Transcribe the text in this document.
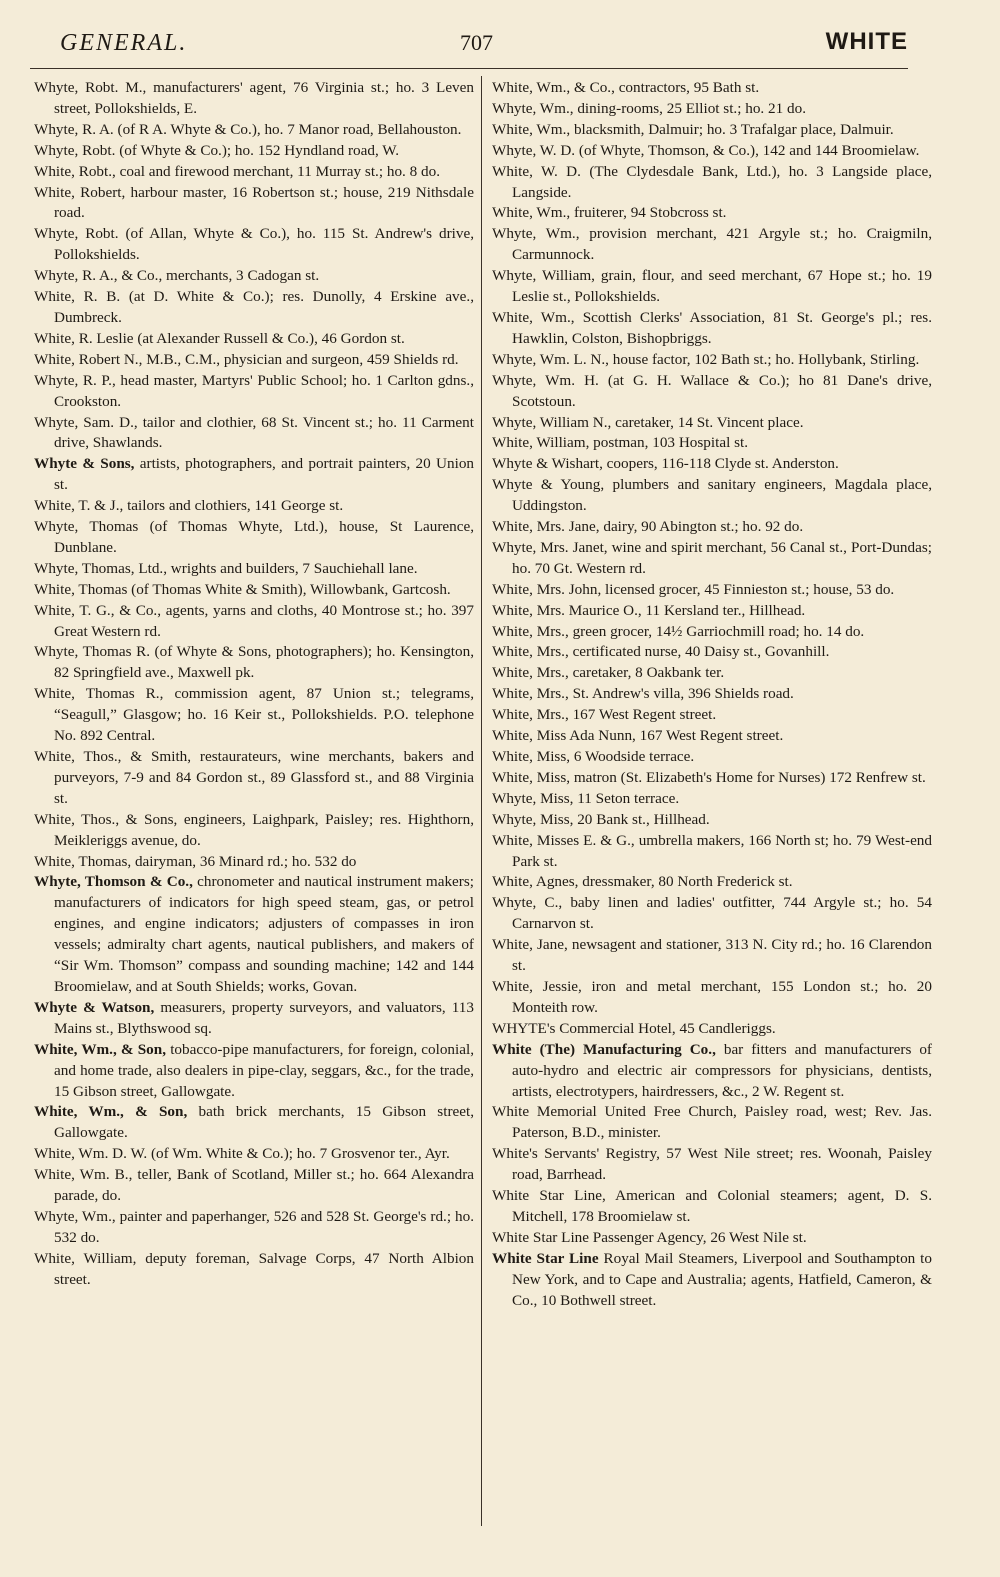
GENERAL.	707	WHITE

Whyte, Robt. M., manufacturers' agent, 76 Virginia st.; ho. 3 Leven street, Pollokshields, E.

Whyte, R. A. (of R A. Whyte & Co.), ho. 7 Manor road, Bellahouston.

Whyte, Robt. (of Whyte & Co.); ho. 152 Hyndland road, W.

White, Robt., coal and firewood merchant, 11 Murray st.; ho. 8 do.

White, Robert, harbour master, 16 Robertson st.; house, 219 Nithsdale road.

Whyte, Robt. (of Allan, Whyte & Co.), ho. 115 St. Andrew's drive, Pollokshields.

Whyte, R. A., & Co., merchants, 3 Cadogan st.

White, R. B. (at D. White & Co.); res. Dunolly, 4 Erskine ave., Dumbreck.

White, R. Leslie (at Alexander Russell & Co.), 46 Gordon st.

White, Robert N., M.B., C.M., physician and surgeon, 459 Shields rd.

Whyte, R. P., head master, Martyrs' Public School; ho. 1 Carlton gdns., Crookston.

Whyte, Sam. D., tailor and clothier, 68 St. Vincent st.; ho. 11 Carment drive, Shawlands.

Whyte & Sons, artists, photographers, and portrait painters, 20 Union st.

White, T. & J., tailors and clothiers, 141 George st.

Whyte, Thomas (of Thomas Whyte, Ltd.), house, St Laurence, Dunblane.

Whyte, Thomas, Ltd., wrights and builders, 7 Sauchiehall lane.

White, Thomas (of Thomas White & Smith), Willowbank, Gartcosh.

White, T. G., & Co., agents, yarns and cloths, 40 Montrose st.; ho. 397 Great Western rd.

Whyte, Thomas R. (of Whyte & Sons, photographers); ho. Kensington, 82 Springfield ave., Maxwell pk.

White, Thomas R., commission agent, 87 Union st.; telegrams, “Seagull,” Glasgow; ho. 16 Keir st., Pollokshields. P.O. telephone No. 892 Central.

White, Thos., & Smith, restaurateurs, wine merchants, bakers and purveyors, 7-9 and 84 Gordon st., 89 Glassford st., and 88 Virginia st.

White, Thos., & Sons, engineers, Laighpark, Paisley; res. Highthorn, Meikleriggs avenue, do.

White, Thomas, dairyman, 36 Minard rd.; ho. 532 do

Whyte, Thomson & Co., chronometer and nautical instrument makers; manufacturers of indicators for high speed steam, gas, or petrol engines, and engine indicators; adjusters of compasses in iron vessels; admiralty chart agents, nautical publishers, and makers of “Sir Wm. Thomson” compass and sounding machine; 142 and 144 Broomielaw, and at South Shields; works, Govan.

Whyte & Watson, measurers, property surveyors, and valuators, 113 Mains st., Blythswood sq.

White, Wm., & Son, tobacco-pipe manufacturers, for foreign, colonial, and home trade, also dealers in pipe-clay, seggars, &c., for the trade, 15 Gibson street, Gallowgate.

White, Wm., & Son, bath brick merchants, 15 Gibson street, Gallowgate.

White, Wm. D. W. (of Wm. White & Co.); ho. 7 Grosvenor ter., Ayr.

White, Wm. B., teller, Bank of Scotland, Miller st.; ho. 664 Alexandra parade, do.

Whyte, Wm., painter and paperhanger, 526 and 528 St. George's rd.; ho. 532 do.

White, William, deputy foreman, Salvage Corps, 47 North Albion street.

White, Wm., & Co., contractors, 95 Bath st.

Whyte, Wm., dining-rooms, 25 Elliot st.; ho. 21 do.

White, Wm., blacksmith, Dalmuir; ho. 3 Trafalgar place, Dalmuir.

Whyte, W. D. (of Whyte, Thomson, & Co.), 142 and 144 Broomielaw.

White, W. D. (The Clydesdale Bank, Ltd.), ho. 3 Langside place, Langside.

White, Wm., fruiterer, 94 Stobcross st.

Whyte, Wm., provision merchant, 421 Argyle st.; ho. Craigmiln, Carmunnock.

Whyte, William, grain, flour, and seed merchant, 67 Hope st.; ho. 19 Leslie st., Pollokshields.

White, Wm., Scottish Clerks' Association, 81 St. George's pl.; res. Hawklin, Colston, Bishopbriggs.

Whyte, Wm. L. N., house factor, 102 Bath st.; ho. Hollybank, Stirling.

Whyte, Wm. H. (at G. H. Wallace & Co.); ho 81 Dane's drive, Scotstoun.

Whyte, William N., caretaker, 14 St. Vincent place.

White, William, postman, 103 Hospital st.

Whyte & Wishart, coopers, 116-118 Clyde st. Anderston.

Whyte & Young, plumbers and sanitary engineers, Magdala place, Uddingston.

White, Mrs. Jane, dairy, 90 Abington st.; ho. 92 do.

Whyte, Mrs. Janet, wine and spirit merchant, 56 Canal st., Port-Dundas; ho. 70 Gt. Western rd.

White, Mrs. John, licensed grocer, 45 Finnieston st.; house, 53 do.

White, Mrs. Maurice O., 11 Kersland ter., Hillhead.

White, Mrs., green grocer, 14½ Garriochmill road; ho. 14 do.

White, Mrs., certificated nurse, 40 Daisy st., Govanhill.

White, Mrs., caretaker, 8 Oakbank ter.

White, Mrs., St. Andrew's villa, 396 Shields road.

White, Mrs., 167 West Regent street.

White, Miss Ada Nunn, 167 West Regent street.

White, Miss, 6 Woodside terrace.

White, Miss, matron (St. Elizabeth's Home for Nurses) 172 Renfrew st.

Whyte, Miss, 11 Seton terrace.

Whyte, Miss, 20 Bank st., Hillhead.

White, Misses E. & G., umbrella makers, 166 North st; ho. 79 West-end Park st.

White, Agnes, dressmaker, 80 North Frederick st.

Whyte, C., baby linen and ladies' outfitter, 744 Argyle st.; ho. 54 Carnarvon st.

White, Jane, newsagent and stationer, 313 N. City rd.; ho. 16 Clarendon st.

White, Jessie, iron and metal merchant, 155 London st.; ho. 20 Monteith row.

WHYTE's Commercial Hotel, 45 Candleriggs.

White (The) Manufacturing Co., bar fitters and manufacturers of auto-hydro and electric air compressors for physicians, dentists, artists, electrotypers, hairdressers, &c., 2 W. Regent st.

White Memorial United Free Church, Paisley road, west; Rev. Jas. Paterson, B.D., minister.

White's Servants' Registry, 57 West Nile street; res. Woonah, Paisley road, Barrhead.

White Star Line, American and Colonial steamers; agent, D. S. Mitchell, 178 Broomielaw st.

White Star Line Passenger Agency, 26 West Nile st.

White Star Line Royal Mail Steamers, Liverpool and Southampton to New York, and to Cape and Australia; agents, Hatfield, Cameron, & Co., 10 Bothwell street.
